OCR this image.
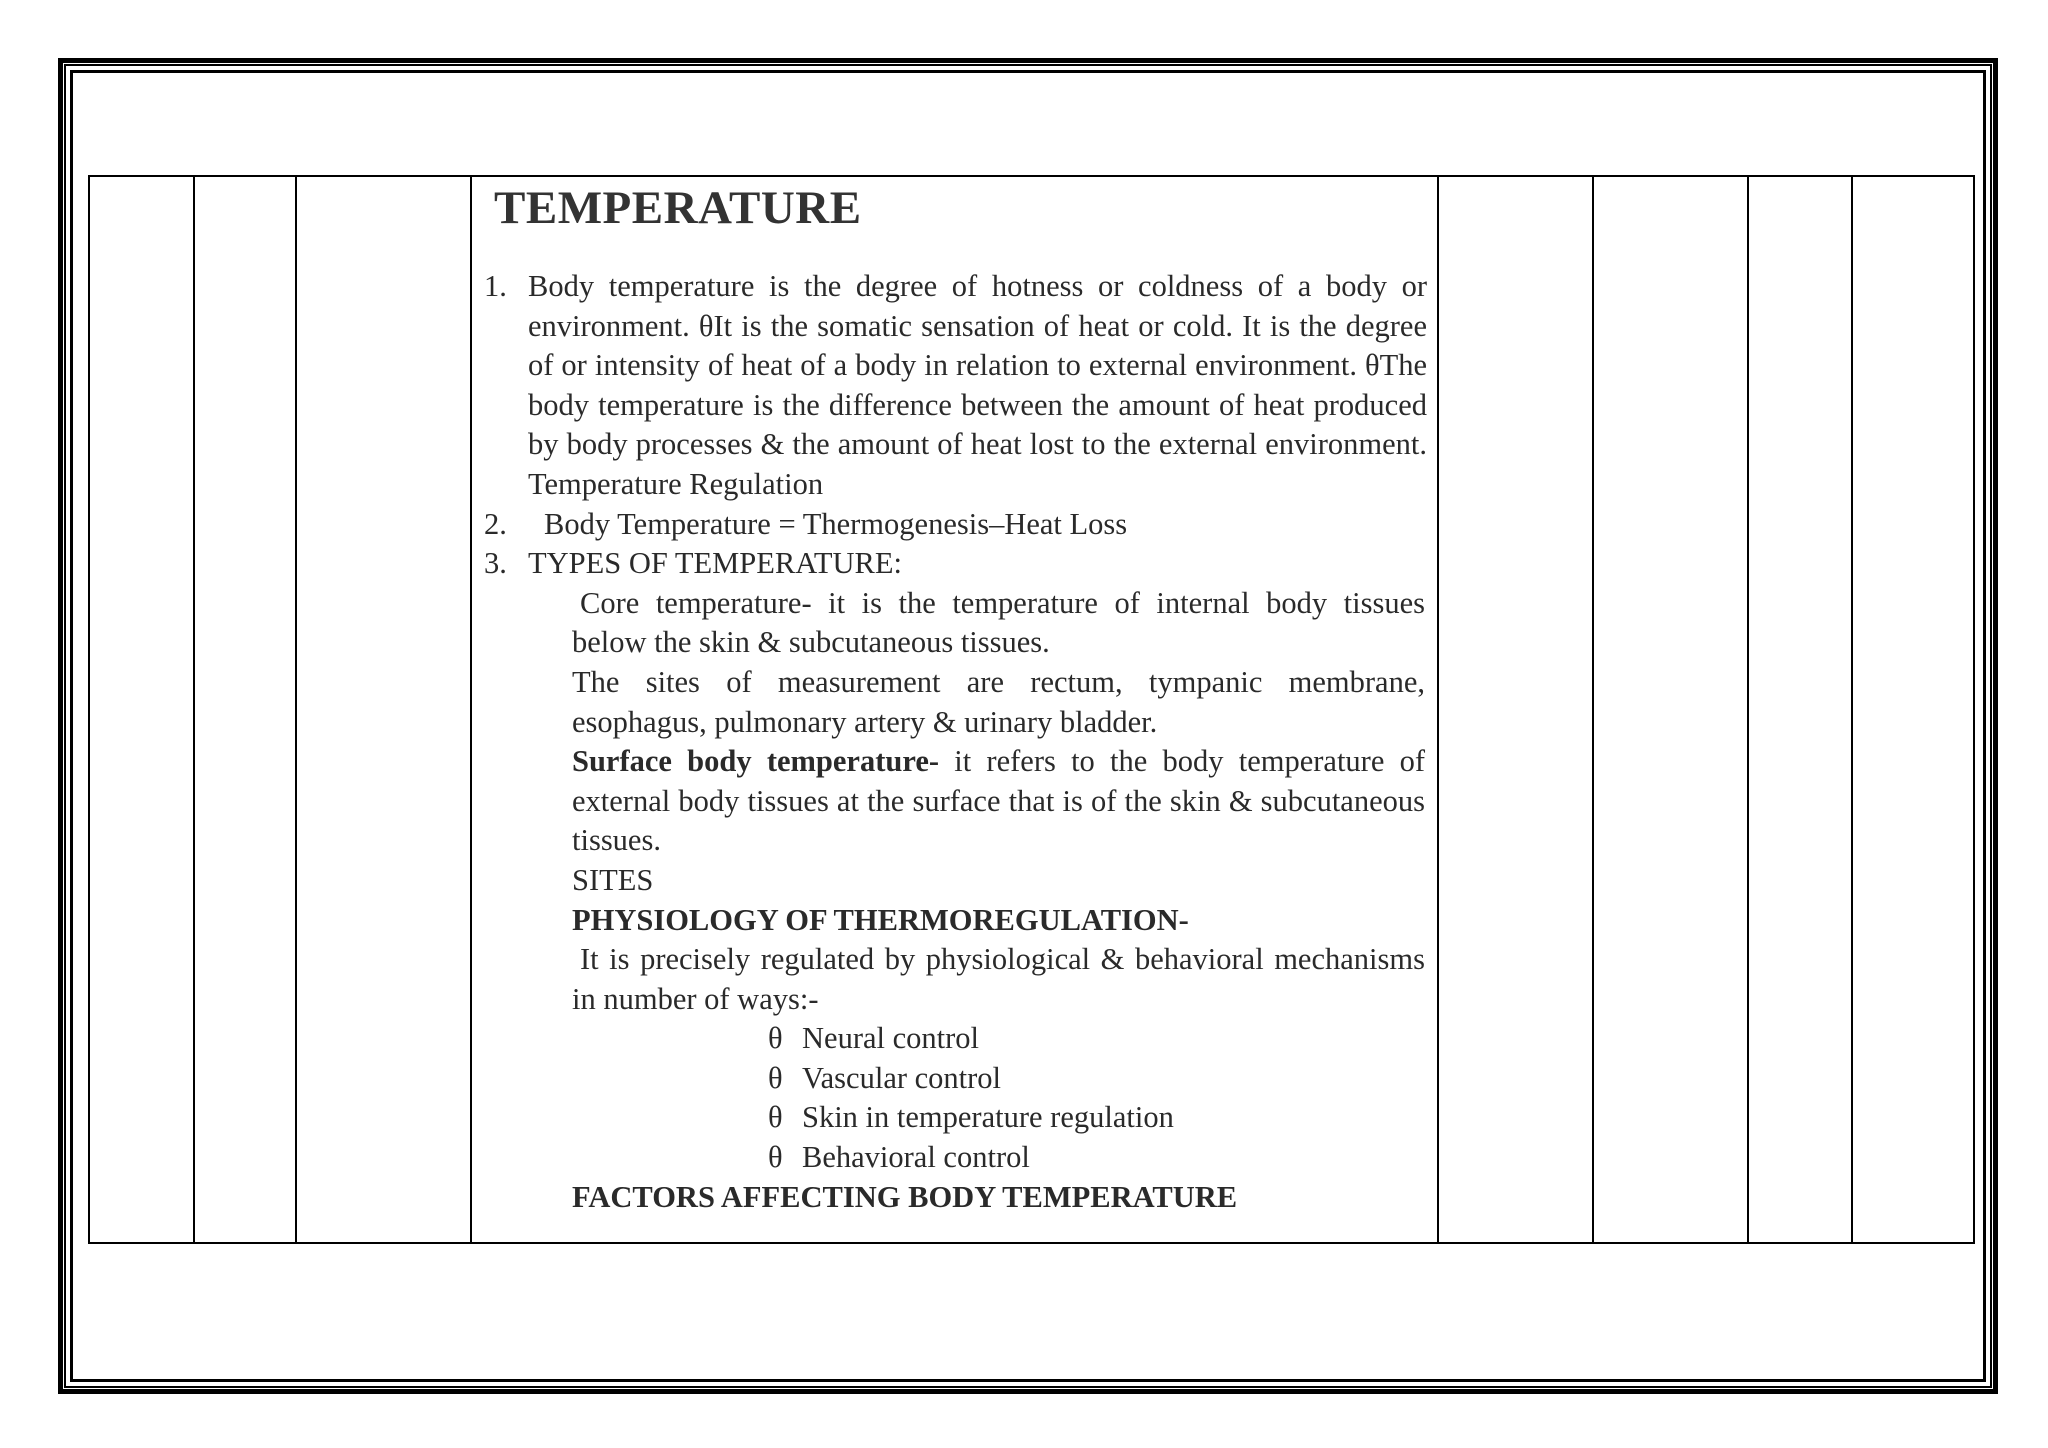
TEMPERATURE
1. Body temperature is the degree of hotness or coldness of a body or environment. θIt is the somatic sensation of heat or cold. It is the degree of or intensity of heat of a body in relation to external environment. θThe body temperature is the difference between the amount of heat produced by body processes & the amount of heat lost to the external environment. Temperature Regulation
2.	Body Temperature = Thermogenesis–Heat Loss
3. TYPES OF TEMPERATURE:
Core temperature- it is the temperature of internal body tissues below the skin & subcutaneous tissues.
The sites of measurement are rectum, tympanic membrane, esophagus, pulmonary artery & urinary bladder.
Surface body temperature- it refers to the body temperature of external body tissues at the surface that is of the skin & subcutaneous tissues.
SITES
PHYSIOLOGY OF THERMOREGULATION-
It is precisely regulated by physiological & behavioral mechanisms in number of ways:-
θ Neural control
θ Vascular control
θ Skin in temperature regulation
θ Behavioral control
FACTORS AFFECTING BODY TEMPERATURE
